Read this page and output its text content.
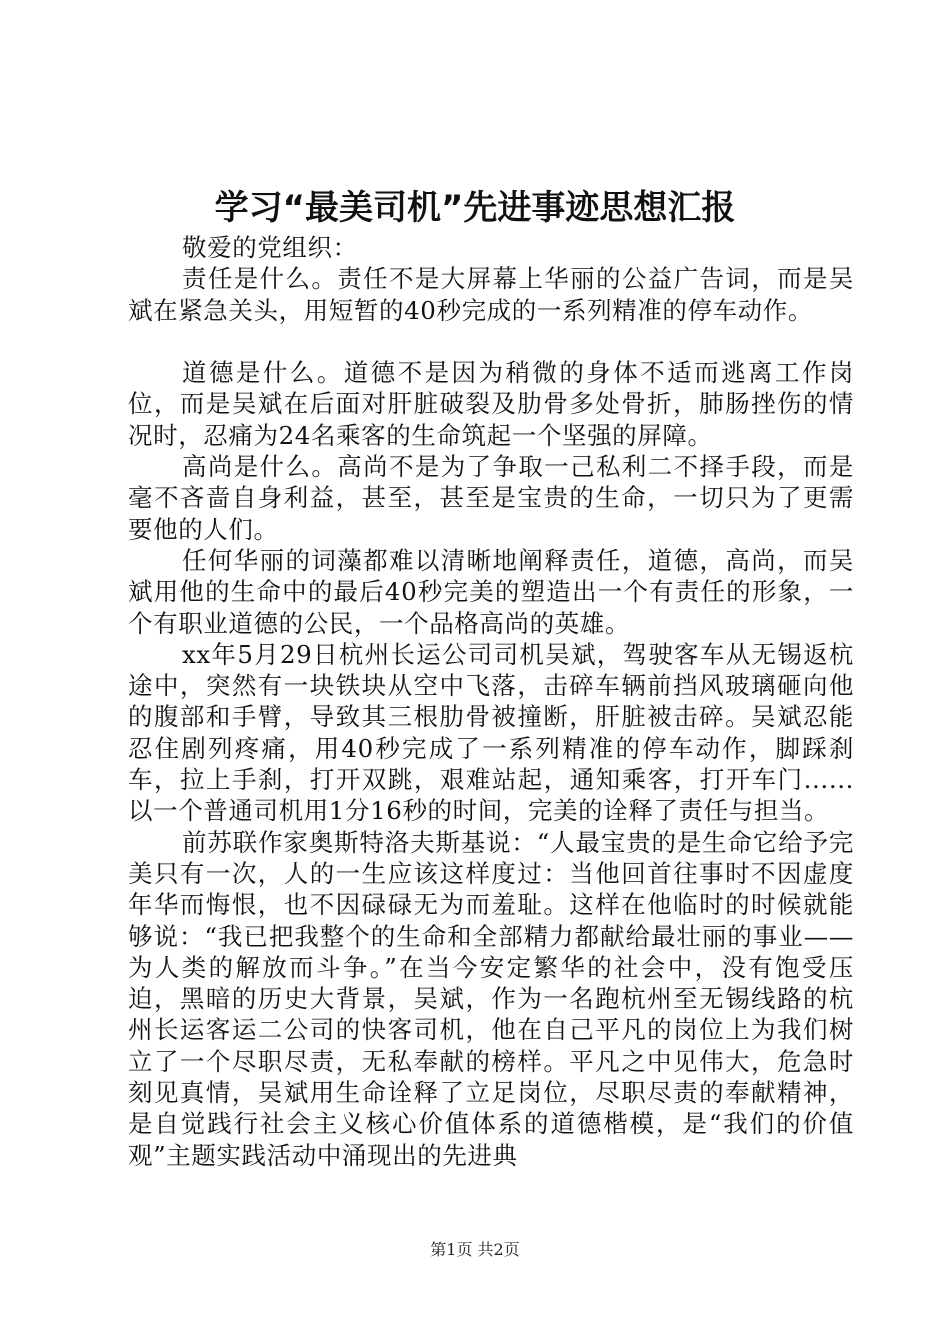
学习“最美司机”先进事迹思想汇报

敬爱的党组织：

责任是什么。责任不是大屏幕上华丽的公益广告词，而是吴斌在紧急关头，用短暂的40秒完成的一系列精准的停车动作。

道德是什么。道德不是因为稍微的身体不适而逃离工作岗位，而是吴斌在后面对肝脏破裂及肋骨多处骨折，肺肠挫伤的情况时，忍痛为24名乘客的生命筑起一个坚强的屏障。

高尚是什么。高尚不是为了争取一己私利二不择手段，而是毫不吝啬自身利益，甚至，甚至是宝贵的生命，一切只为了更需要他的人们。

任何华丽的词藻都难以清晰地阐释责任，道德，高尚，而吴斌用他的生命中的最后40秒完美的塑造出一个有责任的形象，一个有职业道德的公民，一个品格高尚的英雄。

xx年5月29日杭州长运公司司机吴斌，驾驶客车从无锡返杭途中，突然有一块铁块从空中飞落，击碎车辆前挡风玻璃砸向他的腹部和手臂，导致其三根肋骨被撞断，肝脏被击碎。吴斌忍能忍住剧列疼痛，用40秒完成了一系列精准的停车动作，脚踩刹车，拉上手刹，打开双跳，艰难站起，通知乘客，打开车门......以一个普通司机用1分16秒的时间，完美的诠释了责任与担当。

前苏联作家奥斯特洛夫斯基说：“人最宝贵的是生命它给予完美只有一次，人的一生应该这样度过：当他回首往事时不因虚度年华而悔恨，也不因碌碌无为而羞耻。这样在他临时的时候就能够说：“我已把我整个的生命和全部精力都献给最壮丽的事业——为人类的解放而斗争。”在当今安定繁华的社会中，没有饱受压迫，黑暗的历史大背景，吴斌，作为一名跑杭州至无锡线路的杭州长运客运二公司的快客司机，他在自己平凡的岗位上为我们树立了一个尽职尽责，无私奉献的榜样。平凡之中见伟大，危急时刻见真情，吴斌用生命诠释了立足岗位，尽职尽责的奉献精神，是自觉践行社会主义核心价值体系的道德楷模，是“我们的价值观”主题实践活动中涌现出的先进典

第1页 共2页
